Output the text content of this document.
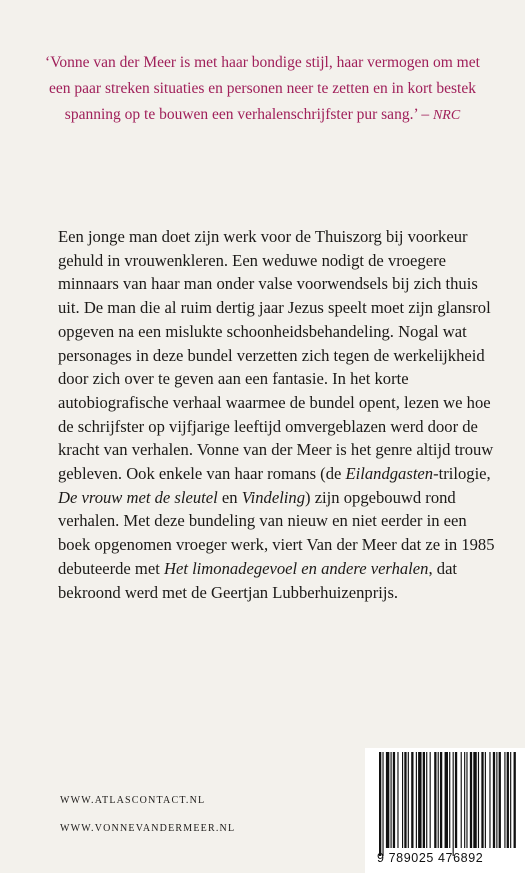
‘Vonne van der Meer is met haar bondige stijl, haar vermogen om met een paar streken situaties en personen neer te zetten en in kort bestek spanning op te bouwen een verhalenschrijfster pur sang.’ – NRC
Een jonge man doet zijn werk voor de Thuiszorg bij voorkeur gehuld in vrouwenkleren. Een weduwe nodigt de vroegere minnaars van haar man onder valse voorwendsels bij zich thuis uit. De man die al ruim dertig jaar Jezus speelt moet zijn glansrol opgeven na een mislukte schoonheidsbehandeling. Nogal wat personages in deze bundel verzetten zich tegen de werkelijkheid door zich over te geven aan een fantasie. In het korte autobiografische verhaal waarmee de bundel opent, lezen we hoe de schrijfster op vijfjarige leeftijd omvergeblazen werd door de kracht van verhalen. Vonne van der Meer is het genre altijd trouw gebleven. Ook enkele van haar romans (de Eilandgasten-trilogie, De vrouw met de sleutel en Vindeling) zijn opgebouwd rond verhalen. Met deze bundeling van nieuw en niet eerder in een boek opgenomen vroeger werk, viert Van der Meer dat ze in 1985 debuteerde met Het limonadegevoel en andere verhalen, dat bekroond werd met de Geertjan Lubberhuizenprijs.
WWW.ATLASCONTACT.NL
WWW.VONNEVANDERMEER.NL
9 789025 476892
